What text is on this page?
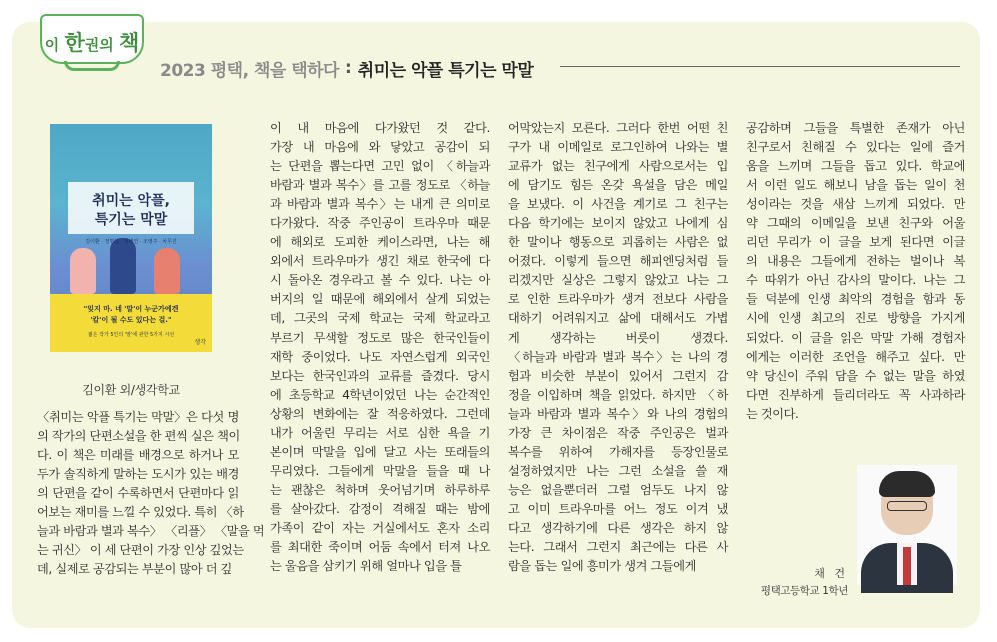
이 한권의 책
2023 평택, 책을 택하다 : 취미는 악플 특기는 막말
취미는 악플,
특기는 막말
김이환 · 정명섭 · 정해연 · 조영주 · 차무진
"잊지 마. 네 '말'이 누군가에겐
'칼'이 될 수도 있다는 걸."
젊은 작가 5인의 '말'에 관한 5가지 시선
생각
김이환 외/생각학교
〈취미는 악플 특기는 막말〉은 다섯 명
의 작가의 단편소설을 한 편씩 실은 책이
다. 이 책은 미래를 배경으로 하거나 모
두가 솔직하게 말하는 도시가 있는 배경
의 단편을 같이 수록하면서 단편마다 읽
어보는 재미를 느낄 수 있었다. 특히 〈하
늘과 바람과 별과 복수〉 〈리플〉 〈말을 먹
는 귀신〉 이 세 단편이 가장 인상 깊었는
데, 실제로 공감되는 부분이 많아 더 깊
이 내 마음에 다가왔던 것 같다.
가장 내 마음에 와 닿았고 공감이 되
는 단편을 뽑는다면 고민 없이 〈하늘과
바람과 별과 복수〉를 고를 정도로 〈하늘
과 바람과 별과 복수〉는 내게 큰 의미로
다가왔다. 작중 주인공이 트라우마 때문
에 해외로 도피한 케이스라면, 나는 해
외에서 트라우마가 생긴 채로 한국에 다
시 돌아온 경우라고 볼 수 있다. 나는 아
버지의 일 때문에 해외에서 살게 되었는
데, 그곳의 국제 학교는 국제 학교라고
부르기 무색할 정도로 많은 한국인들이
재학 중이었다. 나도 자연스럽게 외국인
보다는 한국인과의 교류를 즐겼다. 당시
에 초등학교 4학년이었던 나는 순간적인
상황의 변화에는 잘 적응하였다. 그런데
내가 어울린 무리는 서로 심한 욕을 기
본이며 막말을 입에 달고 사는 또래들의
무리였다. 그들에게 막말을 들을 때 나
는 괜찮은 척하며 웃어넘기며 하루하루
를 살아갔다. 감정이 격해질 때는 밤에
가족이 같이 자는 거실에서도 혼자 소리
를 최대한 죽이며 어둠 속에서 터져 나오
는 울음을 삼키기 위해 얼마나 입을 틀
어막았는지 모른다. 그러다 한번 어떤 친
구가 내 이메일로 로그인하여 나와는 별
교류가 없는 친구에게 사람으로서는 입
에 담기도 힘든 온갖 욕설을 담은 메일
을 보냈다. 이 사건을 계기로 그 친구는
다음 학기에는 보이지 않았고 나에게 심
한 말이나 행동으로 괴롭히는 사람은 없
어졌다. 이렇게 들으면 해피엔딩처럼 들
리겠지만 실상은 그렇지 않았고 나는 그
로 인한 트라우마가 생겨 전보다 사람을
대하기 어려워지고 삶에 대해서도 가볍
게 생각하는 버릇이 생겼다.
〈하늘과 바람과 별과 복수〉는 나의 경
험과 비슷한 부분이 있어서 그런지 감
정을 이입하며 책을 읽었다. 하지만 〈하
늘과 바람과 별과 복수〉와 나의 경험의
가장 큰 차이점은 작중 주인공은 벌과
복수를 위하여 가해자를 등장인물로
설정하였지만 나는 그런 소설을 쓸 재
능은 없을뿐더러 그럴 엄두도 나지 않
고 이미 트라우마를 어느 정도 이겨 냈
다고 생각하기에 다른 생각은 하지 않
는다. 그래서 그런지 최근에는 다른 사
람을 돕는 일에 흥미가 생겨 그들에게
공감하며 그들을 특별한 존재가 아닌
친구로서 친해질 수 있다는 일에 즐거
움을 느끼며 그들을 돕고 있다. 학교에
서 이런 일도 해보니 남을 돕는 일이 천
성이라는 것을 새삼 느끼게 되었다. 만
약 그때의 이메일을 보낸 친구와 어울
리던 무리가 이 글을 보게 된다면 이글
의 내용은 그들에게 전하는 벌이나 복
수 따위가 아닌 감사의 말이다. 나는 그
들 덕분에 인생 최악의 경험을 함과 동
시에 인생 최고의 진로 방향을 가지게
되었다. 이 글을 읽은 막말 가해 경험자
에게는 이러한 조언을 해주고 싶다. 만
약 당신이 주워 담을 수 없는 말을 하였
다면 진부하게 들리더라도 꼭 사과하라
는 것이다.
채 건
평택고등학교 1학년
